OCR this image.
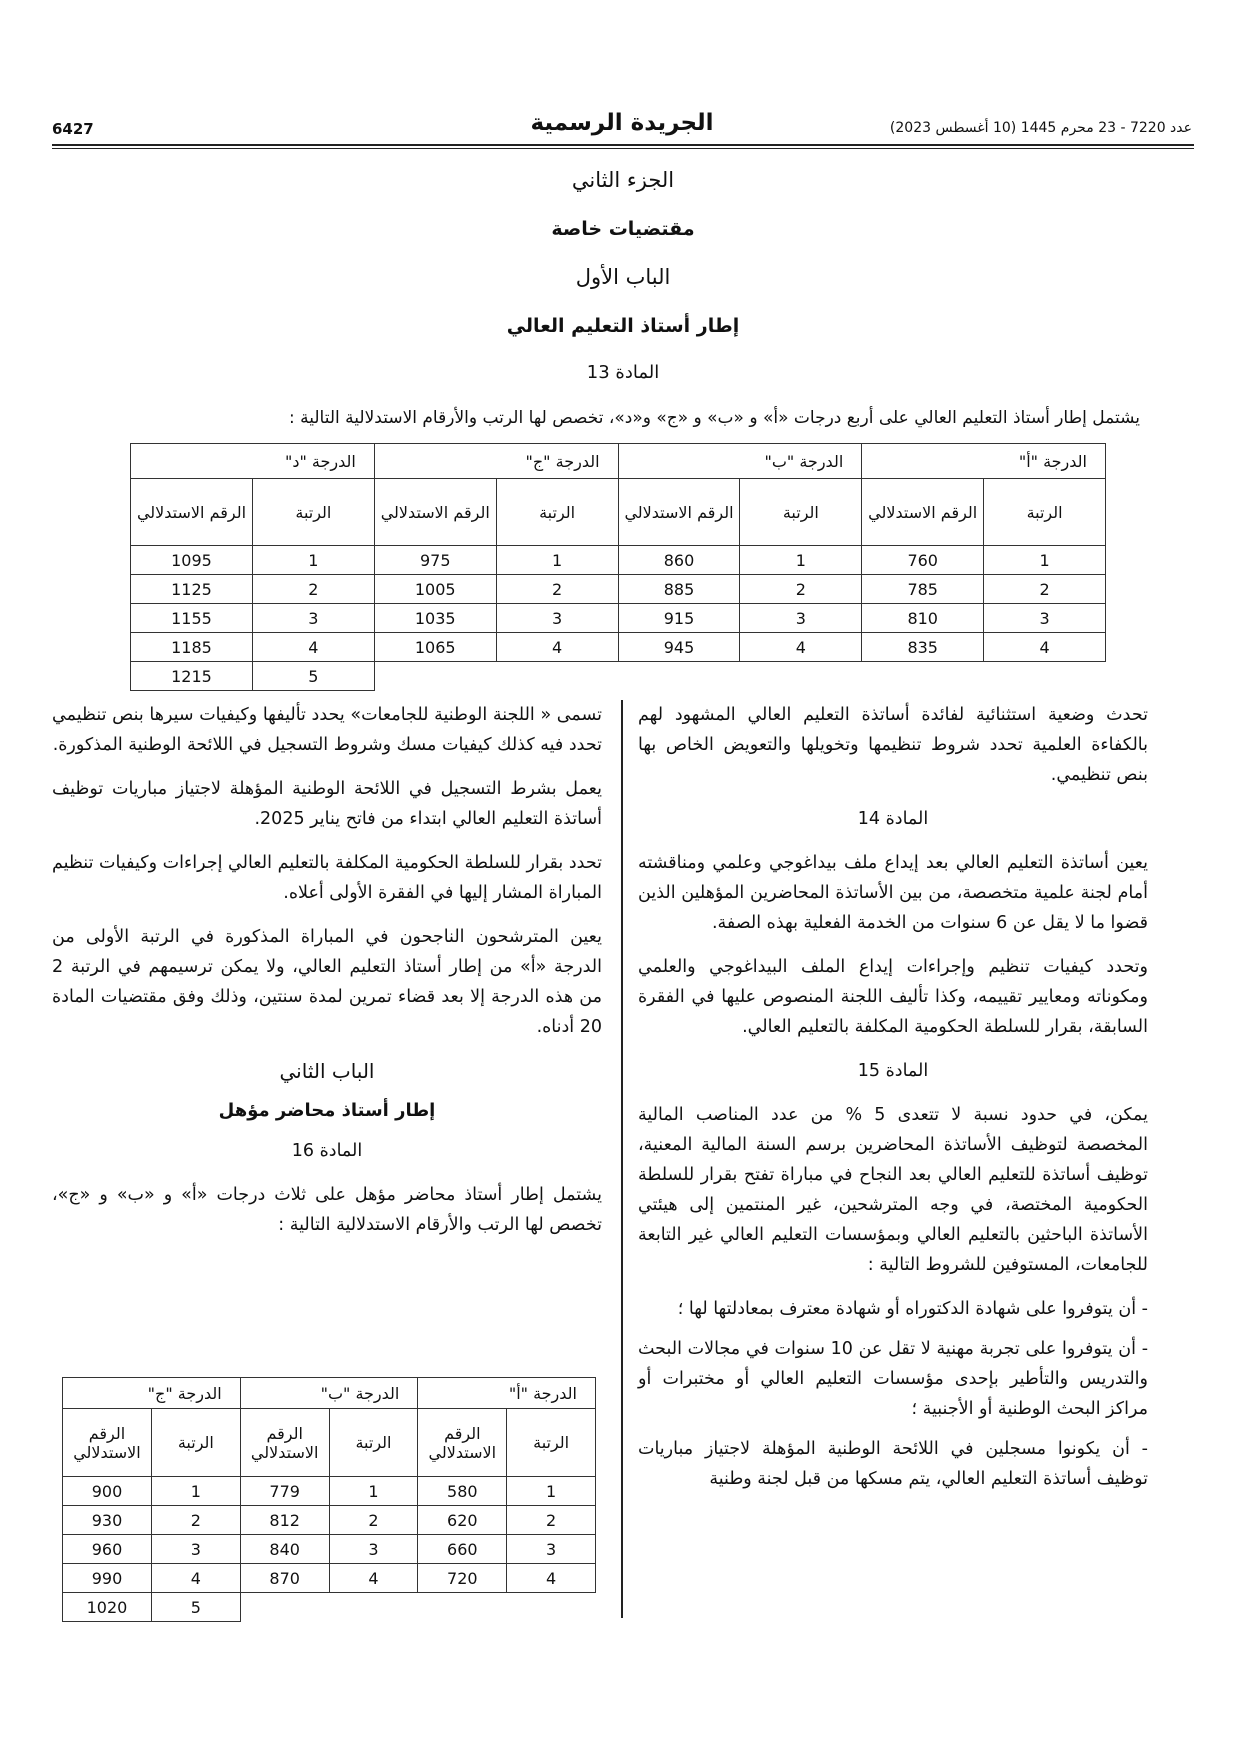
6427	الجريدة الرسمية	عدد 7220 - 23 محرم 1445 (10 أغسطس 2023)
الجزء الثاني
مقتضيات خاصة
الباب الأول
إطار أستاذ التعليم العالي
المادة 13
يشتمل إطار أستاذ التعليم العالي على أربع درجات «أ» و «ب» و «ج» و«د»، تخصص لها الرتب والأرقام الاستدلالية التالية :
الدرجة "أ"		الدرجة "ب"		الدرجة "ج"		الدرجة "د"	
الرتبة	الرقم الاستدلالي	الرتبة	الرقم الاستدلالي	الرتبة	الرقم الاستدلالي	الرتبة	الرقم الاستدلالي
1	760	1	860	1	975	1	1095
2	785	2	885	2	1005	2	1125
3	810	3	915	3	1035	3	1155
4	835	4	945	4	1065	4	1185
						5	1215

تحدث وضعية استثنائية لفائدة أساتذة التعليم العالي المشهود لهم بالكفاءة العلمية تحدد شروط تنظيمها وتخويلها والتعويض الخاص بها بنص تنظيمي.

المادة 14

يعين أساتذة التعليم العالي بعد إيداع ملف بيداغوجي وعلمي ومناقشته أمام لجنة علمية متخصصة، من بين الأساتذة المحاضرين المؤهلين الذين قضوا ما لا يقل عن 6 سنوات من الخدمة الفعلية بهذه الصفة.

وتحدد كيفيات تنظيم وإجراءات إيداع الملف البيداغوجي والعلمي ومكوناته ومعايير تقييمه، وكذا تأليف اللجنة المنصوص عليها في الفقرة السابقة، بقرار للسلطة الحكومية المكلفة بالتعليم العالي.

المادة 15

يمكن، في حدود نسبة لا تتعدى 5 % من عدد المناصب المالية المخصصة لتوظيف الأساتذة المحاضرين برسم السنة المالية المعنية، توظيف أساتذة للتعليم العالي بعد النجاح في مباراة تفتح بقرار للسلطة الحكومية المختصة، في وجه المترشحين، غير المنتمين إلى هيئتي الأساتذة الباحثين بالتعليم العالي وبمؤسسات التعليم العالي غير التابعة للجامعات، المستوفين للشروط التالية :

- أن يتوفروا على شهادة الدكتوراه أو شهادة معترف بمعادلتها لها ؛
- أن يتوفروا على تجربة مهنية لا تقل عن 10 سنوات في مجالات البحث والتدريس والتأطير بإحدى مؤسسات التعليم العالي أو مختبرات أو مراكز البحث الوطنية أو الأجنبية ؛
- أن يكونوا مسجلين في اللائحة الوطنية المؤهلة لاجتياز مباريات توظيف أساتذة التعليم العالي، يتم مسكها من قبل لجنة وطنية

تسمى « اللجنة الوطنية للجامعات» يحدد تأليفها وكيفيات سيرها بنص تنظيمي تحدد فيه كذلك كيفيات مسك وشروط التسجيل في اللائحة الوطنية المذكورة.

يعمل بشرط التسجيل في اللائحة الوطنية المؤهلة لاجتياز مباريات توظيف أساتذة التعليم العالي ابتداء من فاتح يناير 2025.

تحدد بقرار للسلطة الحكومية المكلفة بالتعليم العالي إجراءات وكيفيات تنظيم المباراة المشار إليها في الفقرة الأولى أعلاه.

يعين المترشحون الناجحون في المباراة المذكورة في الرتبة الأولى من الدرجة «أ» من إطار أستاذ التعليم العالي، ولا يمكن ترسيمهم في الرتبة 2 من هذه الدرجة إلا بعد قضاء تمرين لمدة سنتين، وذلك وفق مقتضيات المادة 20 أدناه.

الباب الثاني
إطار أستاذ محاضر مؤهل
المادة 16

يشتمل إطار أستاذ محاضر مؤهل على ثلاث درجات «أ» و «ب» و «ج»، تخصص لها الرتب والأرقام الاستدلالية التالية :

الدرجة "أ"		الدرجة "ب"		الدرجة "ج"	
الرتبة	الرقم الاستدلالي	الرتبة	الرقم الاستدلالي	الرتبة	الرقم الاستدلالي
1	580	1	779	1	900
2	620	2	812	2	930
3	660	3	840	3	960
4	720	4	870	4	990
				5	1020
